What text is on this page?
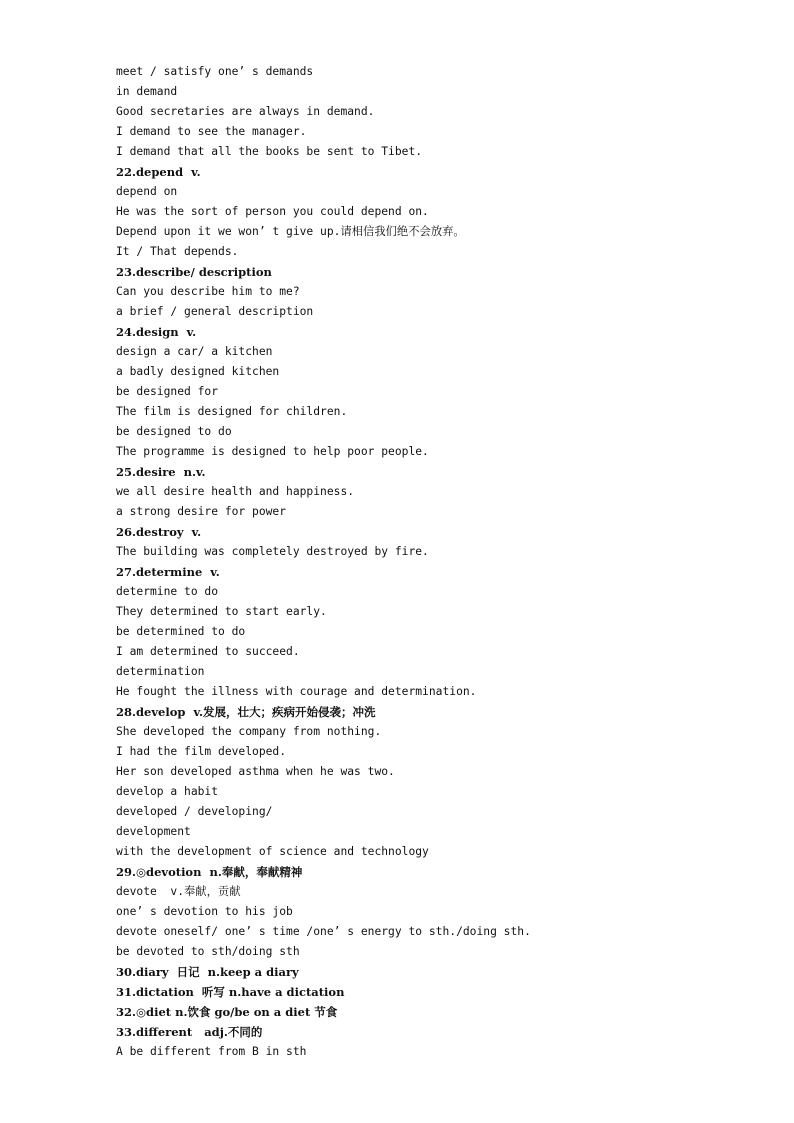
meet / satisfy one’ s demands
in demand
Good secretaries are always in demand.
I demand to see the manager.
I demand that all the books be sent to Tibet.
22.depend  v.
depend on
He was the sort of person you could depend on.
Depend upon it we won’ t give up.请相信我们绝不会放弃。
It / That depends.
23.describe/ description
Can you describe him to me?
a brief / general description
24.design  v.
design a car/ a kitchen
a badly designed kitchen
be designed for
The film is designed for children.
be designed to do
The programme is designed to help poor people.
25.desire  n.v.
we all desire health and happiness.
a strong desire for power
26.destroy  v.
The building was completely destroyed by fire.
27.determine  v.
determine to do
They determined to start early.
be determined to do
I am determined to succeed.
determination
He fought the illness with courage and determination.
28.develop  v.发展，壮大；疾病开始侵袭；冲洗
She developed the company from nothing.
I had the film developed.
Her son developed asthma when he was two.
develop a habit
developed / developing/
development
with the development of science and technology
29.◎devotion  n.奉献，奉献精神
devote  v.奉献，贡献
one’ s devotion to his job
devote oneself/ one’ s time /one’ s energy to sth./doing sth.
be devoted to sth/doing sth
30.diary  日记  n.keep a diary
31.dictation  听写 n.have a dictation
32.◎diet n.饮食 go/be on a diet 节食
33.different   adj.不同的
A be different from B in sth
